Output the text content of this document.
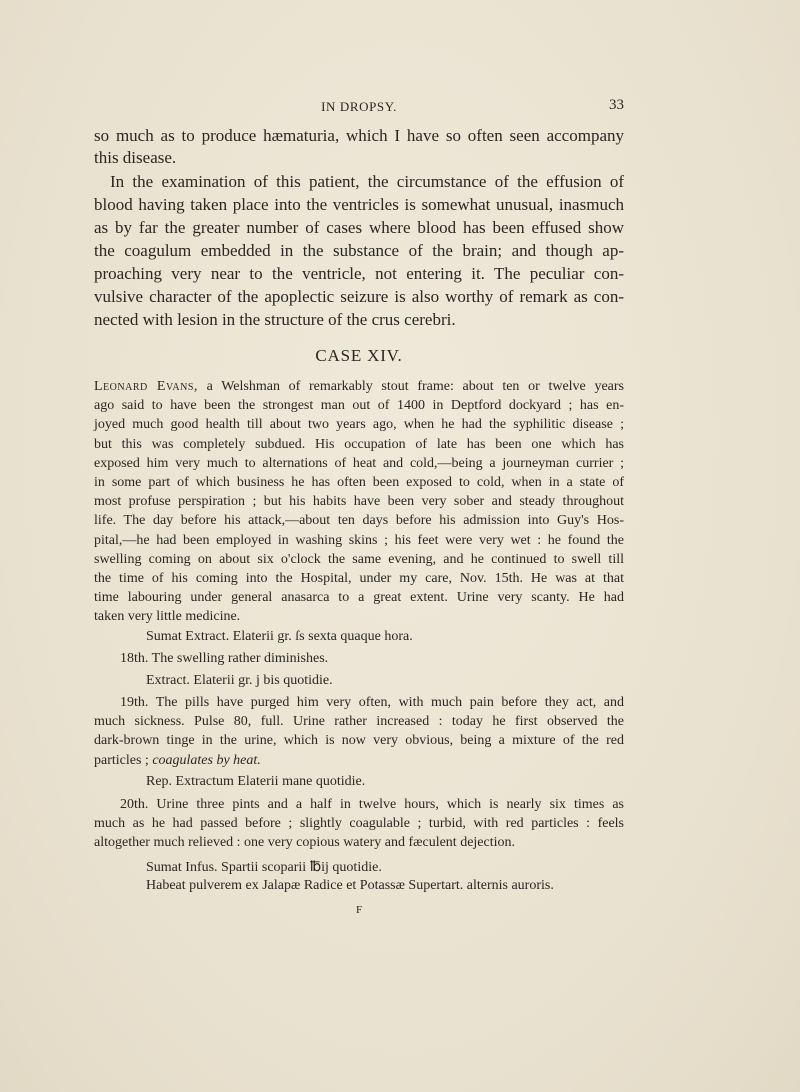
IN DROPSY.	33
so much as to produce hæmaturia, which I have so often seen accompany
this disease.
In the examination of this patient, the circumstance of the effusion of
blood having taken place into the ventricles is somewhat unusual, inasmuch
as by far the greater number of cases where blood has been effused show
the coagulum embedded in the substance of the brain; and though ap-
proaching very near to the ventricle, not entering it. The peculiar con-
vulsive character of the apoplectic seizure is also worthy of remark as con-
nected with lesion in the structure of the crus cerebri.
CASE XIV.
Leonard Evans, a Welshman of remarkably stout frame: about ten or twelve years
ago said to have been the strongest man out of 1400 in Deptford dockyard ; has en-
joyed much good health till about two years ago, when he had the syphilitic disease ;
but this was completely subdued. His occupation of late has been one which has
exposed him very much to alternations of heat and cold,—being a journeyman currier ;
in some part of which business he has often been exposed to cold, when in a state of
most profuse perspiration ; but his habits have been very sober and steady throughout
life. The day before his attack,—about ten days before his admission into Guy's Hos-
pital,—he had been employed in washing skins ; his feet were very wet : he found the
swelling coming on about six o'clock the same evening, and he continued to swell till
the time of his coming into the Hospital, under my care, Nov. 15th. He was at that
time labouring under general anasarca to a great extent. Urine very scanty. He had
taken very little medicine.
Sumat Extract. Elaterii gr. ſs sexta quaque hora.
18th. The swelling rather diminishes.
Extract. Elaterii gr. j bis quotidie.
19th. The pills have purged him very often, with much pain before they act, and
much sickness. Pulse 80, full. Urine rather increased : today he first observed the
dark-brown tinge in the urine, which is now very obvious, being a mixture of the red
particles ; coagulates by heat.
Rep. Extractum Elaterii mane quotidie.
20th. Urine three pints and a half in twelve hours, which is nearly six times as
much as he had passed before ; slightly coagulable ; turbid, with red particles : feels
altogether much relieved : one very copious watery and fæculent dejection.
Sumat Infus. Spartii scoparii ℔ij quotidie.
Habeat pulverem ex Jalapæ Radice et Potassæ Supertart. alternis auroris.
F
